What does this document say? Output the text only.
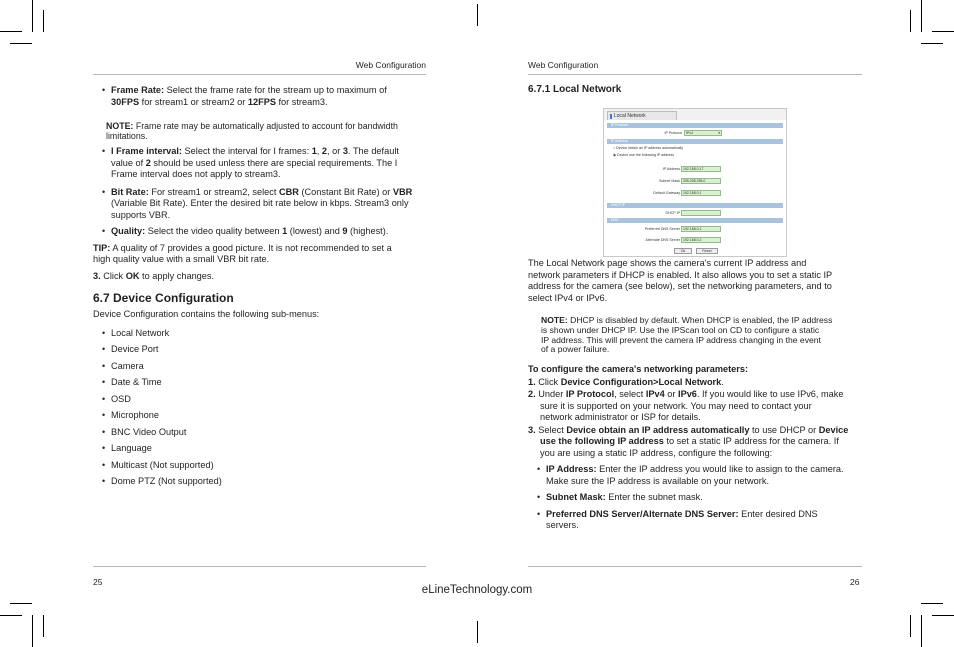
Web Configuration
• Frame Rate: Select the frame rate for the stream up to maximum of
30FPS for stream1 or stream2 or 12FPS for stream3.
NOTE: Frame rate may be automatically adjusted to account for bandwidth
limitations.
• I Frame interval: Select the interval for I frames: 1, 2, or 3. The default
value of 2 should be used unless there are special requirements. The I
Frame interval does not apply to stream3.
• Bit Rate: For stream1 or stream2, select CBR (Constant Bit Rate) or VBR
(Variable Bit Rate). Enter the desired bit rate below in kbps. Stream3 only
supports VBR.
• Quality: Select the video quality between 1 (lowest) and 9 (highest).
TIP: A quality of 7 provides a good picture. It is not recommended to set a
high quality value with a small VBR bit rate.
3. Click OK to apply changes.
6.7 Device Configuration
Device Configuration contains the following sub-menus:
• Local Network
• Device Port
• Camera
• Date & Time
• OSD
• Microphone
• BNC Video Output
• Language
• Multicast (Not supported)
• Dome PTZ (Not supported)
Web Configuration
6.7.1 Local Network
The Local Network page shows the camera's current IP address and
network parameters if DHCP is enabled. It also allows you to set a static IP
address for the camera (see below), set the networking parameters, and to
select IPv4 or IPv6.
NOTE: DHCP is disabled by default. When DHCP is enabled, the IP address
is shown under DHCP IP. Use the IPScan tool on CD to configure a static
IP address. This will prevent the camera IP address changing in the event
of a power failure.
To configure the camera's networking parameters:
1. Click Device Configuration>Local Network.
2. Under IP Protocol, select IPv4 or IPv6. If you would like to use IPv6, make
sure it is supported on your network. You may need to contact your
network administrator or ISP for details.
3. Select Device obtain an IP address automatically to use DHCP or Device
use the following IP address to set a static IP address for the camera. If
you are using a static IP address, configure the following:
• IP Address: Enter the IP address you would like to assign to the camera.
Make sure the IP address is available on your network.
• Subnet Mask: Enter the subnet mask.
• Preferred DNS Server/Alternate DNS Server: Enter desired DNS
servers.
Local Network
IP Protocol
IP Protocol	IPv4	▾
IP Address
○ Device obtain an IP address automatically
◉ Device use the following IP address
IP Address 192.168.0.17
Subnet Mask 255.255.255.0
Default Gateway 192.168.0.1
DHCP IP
DHCP IP
DNS
Preferred DNS Server 192.168.0.1
Alternate DNS Server 192.168.0.2
Ok	Reset
25	26
eLineTechnology.com
